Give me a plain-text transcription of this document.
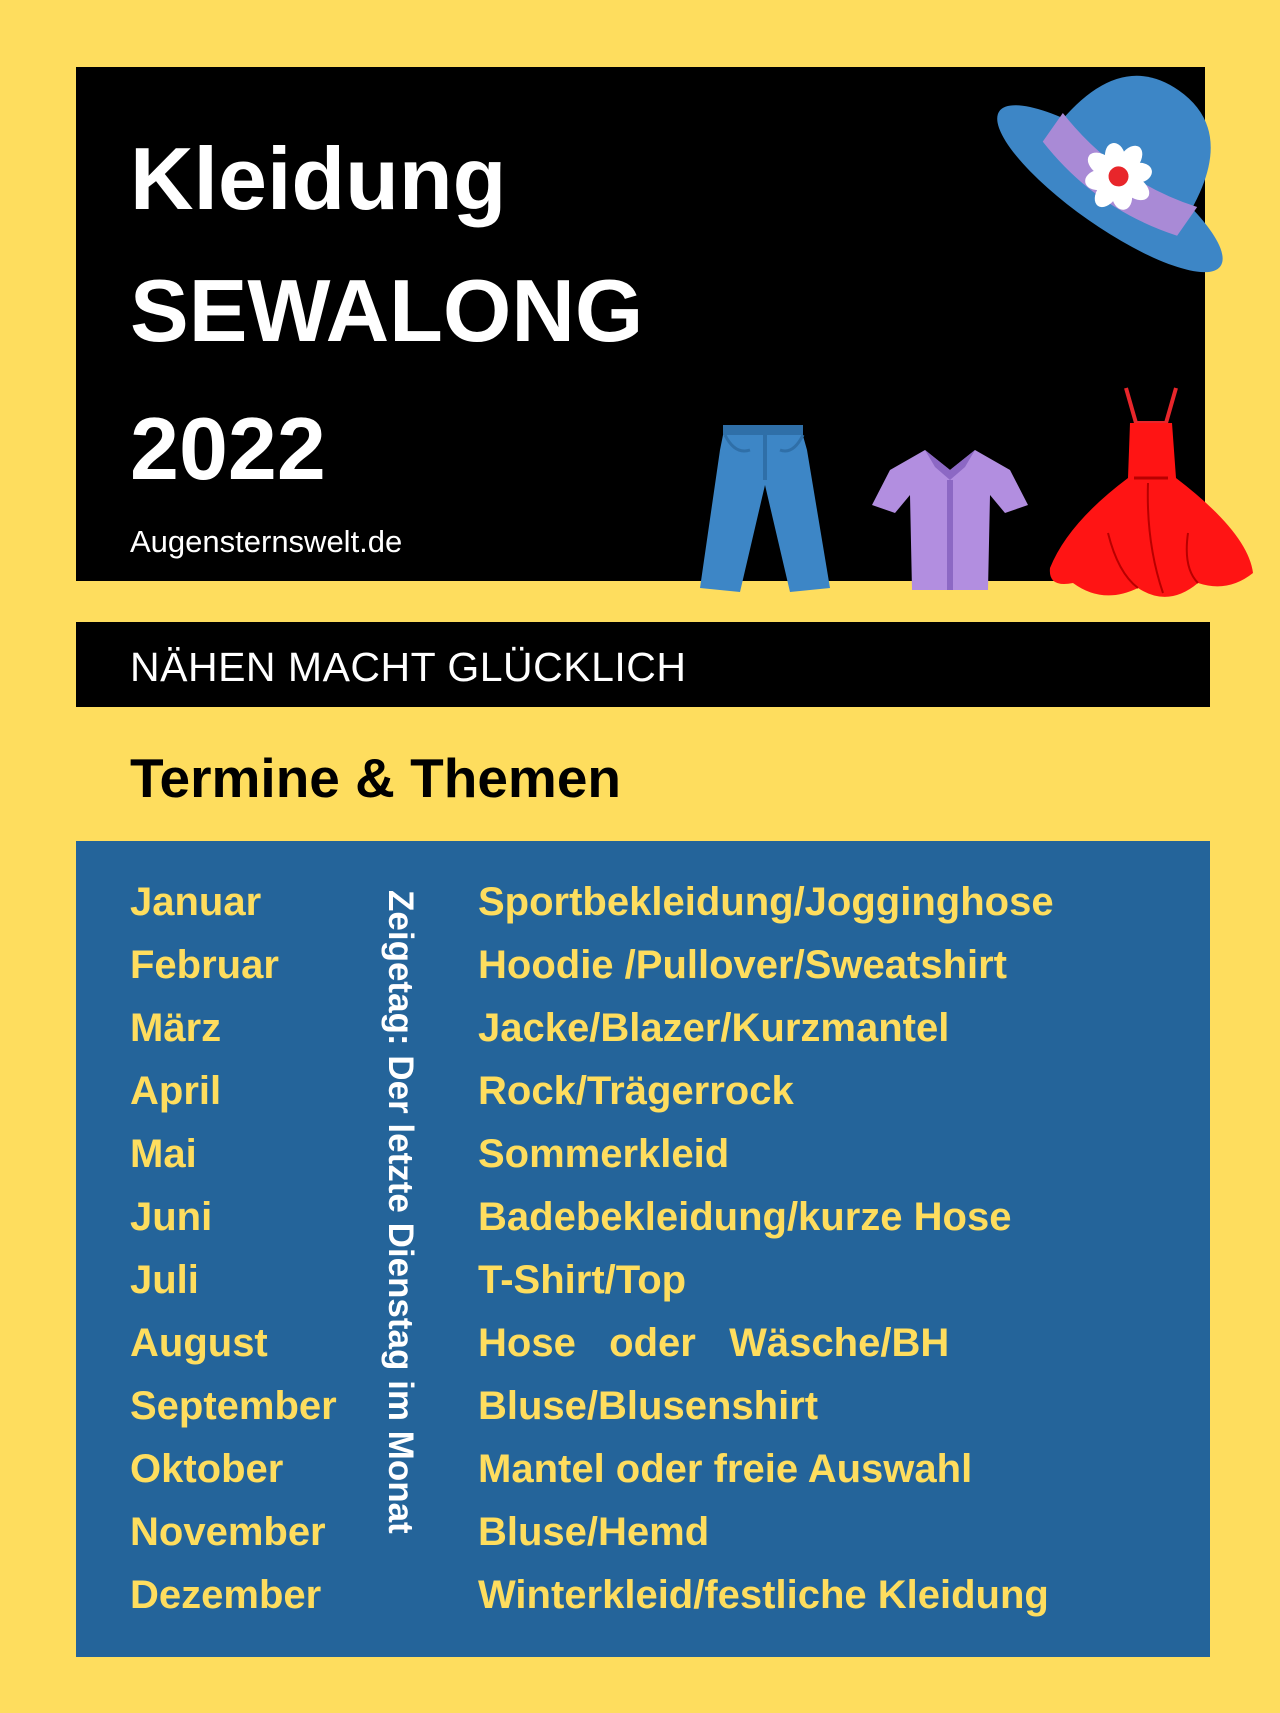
Kleidung
SEWALONG
2022
Augensternswelt.de
NÄHEN MACHT GLÜCKLICH
Termine & Themen
Januar	Sportbekleidung/Jogginghose
Februar	Hoodie /Pullover/Sweatshirt
März	Jacke/Blazer/Kurzmantel
April	Rock/Trägerrock
Mai	Sommerkleid
Juni	Badebekleidung/kurze Hose
Juli	T-Shirt/Top
August	Hose   oder   Wäsche/BH
September	Bluse/Blusenshirt
Oktober	Mantel oder freie Auswahl
November	Bluse/Hemd
Dezember	Winterkleid/festliche Kleidung
Zeigetag: Der letzte Dienstag im Monat
